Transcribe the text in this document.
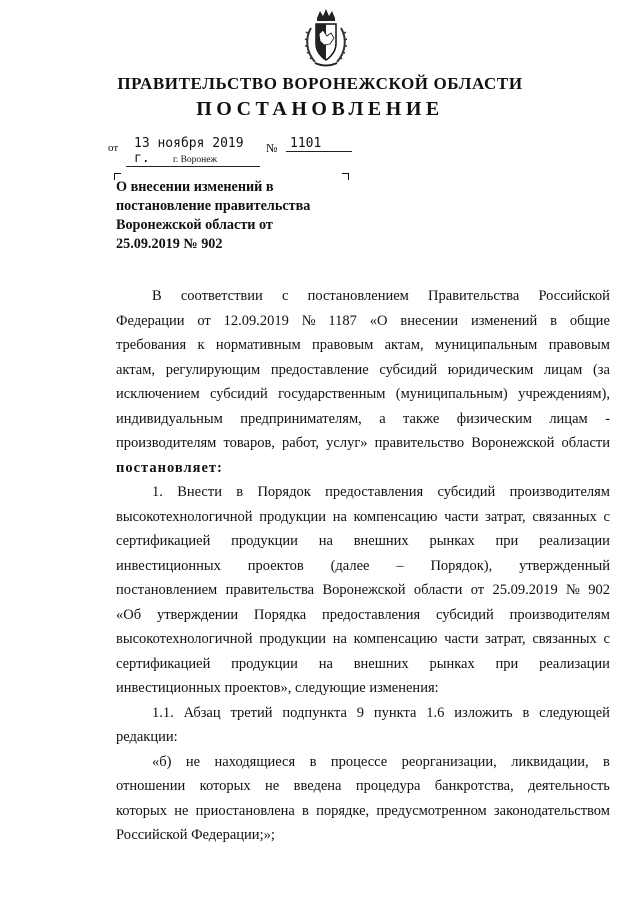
ПРАВИТЕЛЬСТВО ВОРОНЕЖСКОЙ ОБЛАСТИ
ПОСТАНОВЛЕНИЕ
от	13 ноября 2019 г.
№ 1101
г. Воронеж
О внесении изменений в
постановление правительства
Воронежской области от
25.09.2019 № 902
В соответствии с постановлением Правительства Российской
Федерации от 12.09.2019 № 1187 «О внесении изменений в общие
требования к нормативным правовым актам, муниципальным правовым
актам, регулирующим предоставление субсидий юридическим лицам (за
исключением субсидий государственным (муниципальным) учреждениям),
индивидуальным предпринимателям, а также физическим лицам -
производителям товаров, работ, услуг» правительство Воронежской области
постановляет:
1. Внести в Порядок предоставления субсидий производителям
высокотехнологичной продукции на компенсацию части затрат, связанных с
сертификацией продукции на внешних рынках при реализации
инвестиционных проектов (далее – Порядок), утвержденный
постановлением правительства Воронежской области от 25.09.2019 № 902
«Об утверждении Порядка предоставления субсидий производителям
высокотехнологичной продукции на компенсацию части затрат, связанных с
сертификацией продукции на внешних рынках при реализации
инвестиционных проектов», следующие изменения:
1.1. Абзац третий подпункта 9 пункта 1.6 изложить в следующей
редакции:
«б) не находящиеся в процессе реорганизации, ликвидации, в
отношении которых не введена процедура банкротства, деятельность
которых не приостановлена в порядке, предусмотренном законодательством
Российской Федерации;»;
